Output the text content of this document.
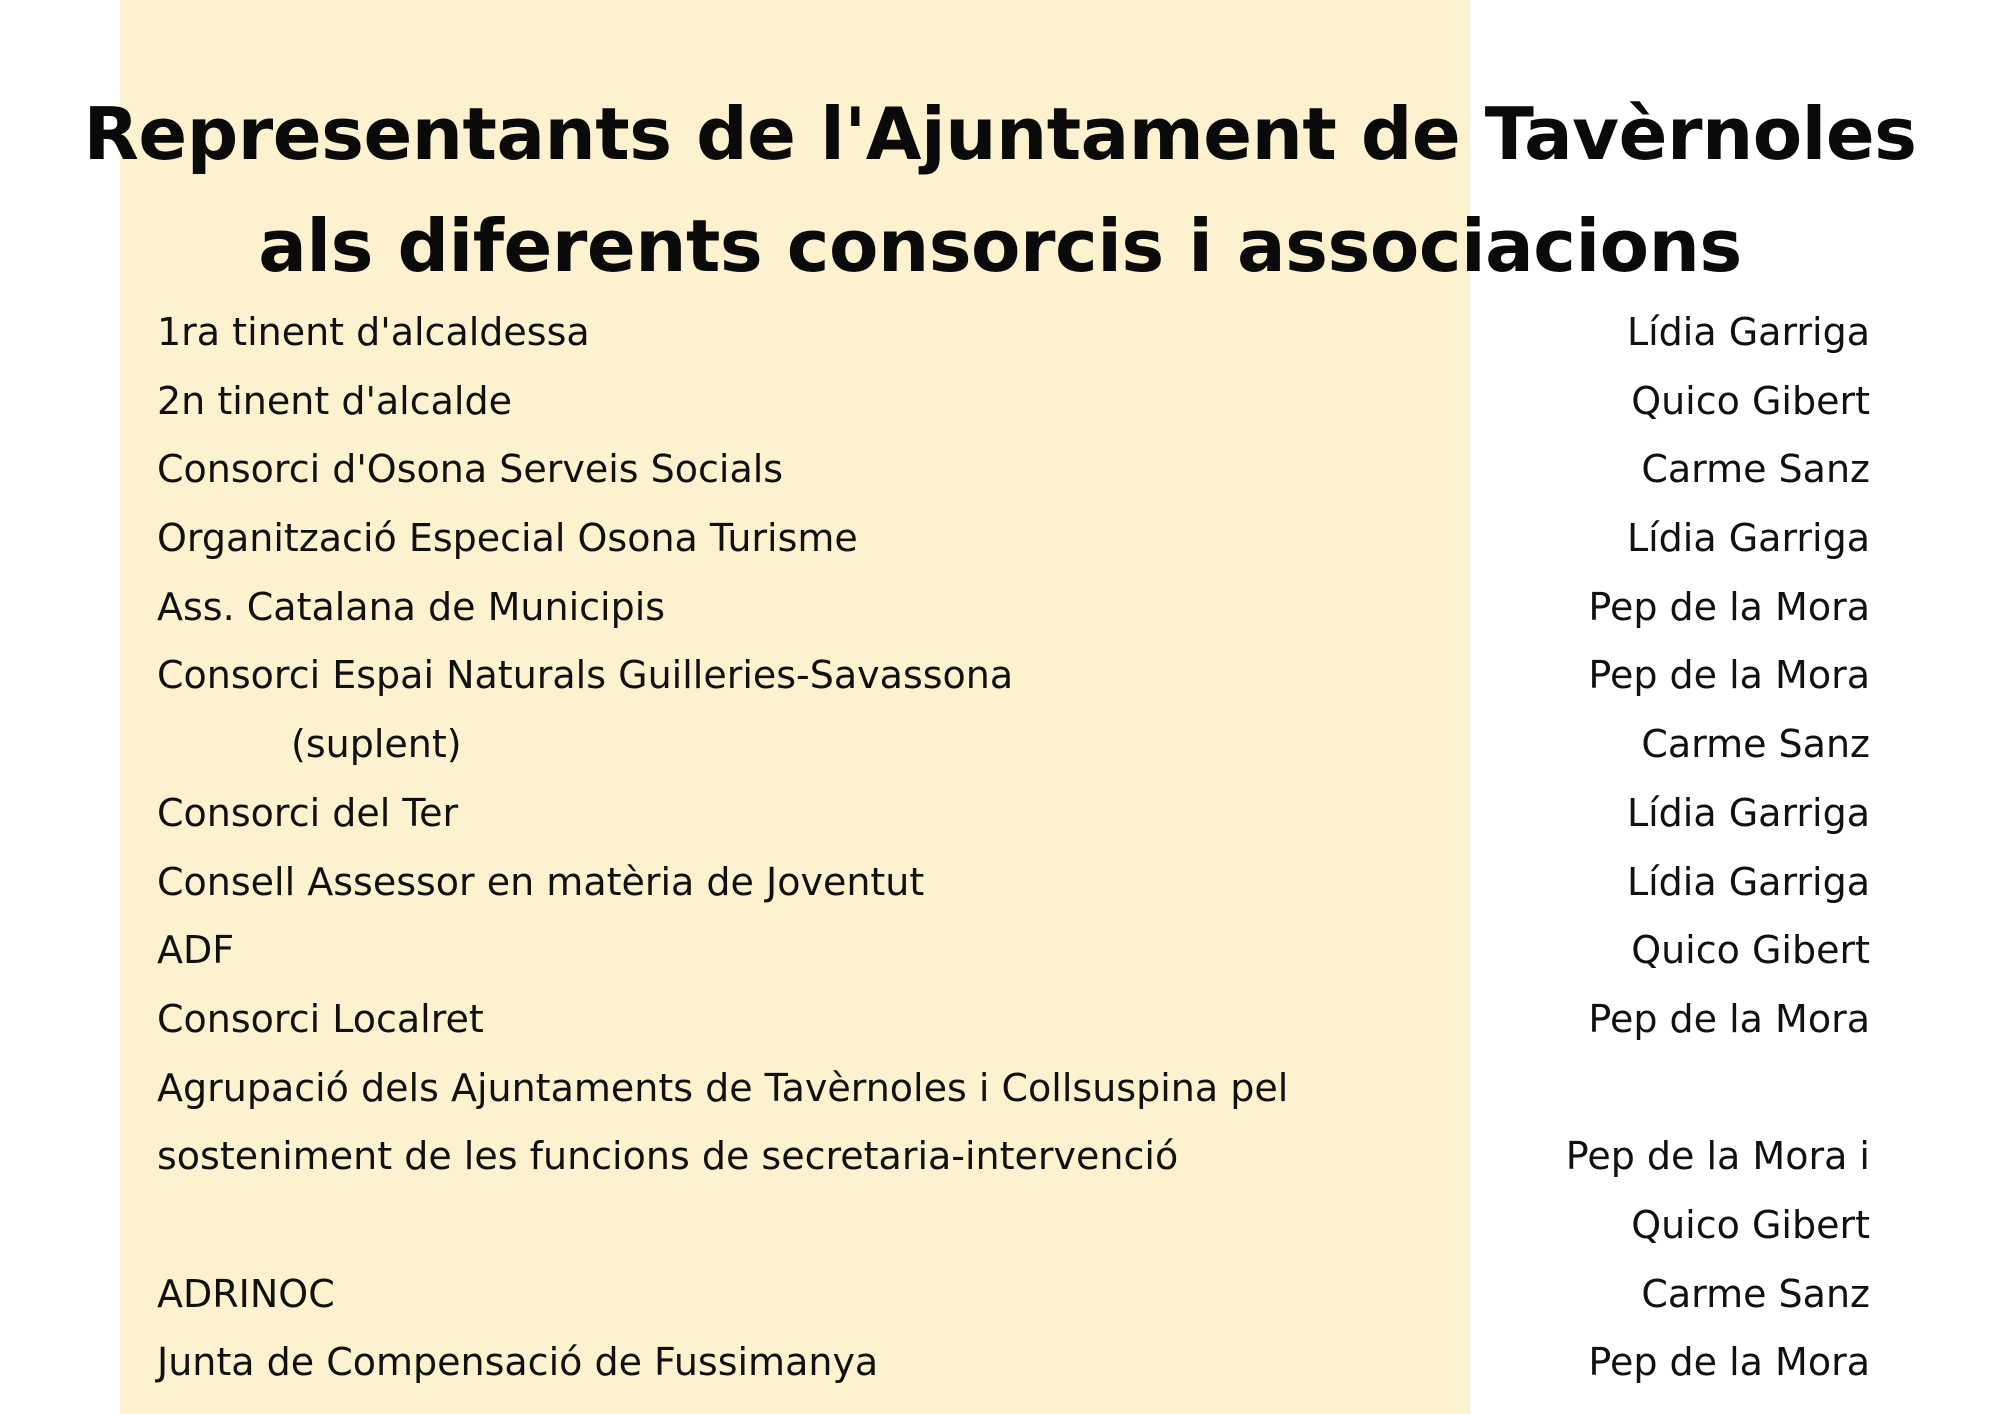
Representants de l'Ajuntament de Tavèrnoles
als diferents consorcis i associacions
1ra tinent d'alcaldessa	Lídia Garriga
2n tinent d'alcalde	Quico Gibert
Consorci d'Osona Serveis Socials	Carme Sanz
Organització Especial Osona Turisme	Lídia Garriga
Ass. Catalana de Municipis	Pep de la Mora
Consorci Espai Naturals Guilleries-Savassona	Pep de la Mora
(suplent)	Carme Sanz
Consorci del Ter	Lídia Garriga
Consell Assessor en matèria de Joventut	Lídia Garriga
ADF	Quico Gibert
Consorci Localret	Pep de la Mora
Agrupació dels Ajuntaments de Tavèrnoles i Collsuspina pel
sosteniment de les funcions de secretaria-intervenció	Pep de la Mora i
Quico Gibert
ADRINOC	Carme Sanz
Junta de Compensació de Fussimanya	Pep de la Mora
